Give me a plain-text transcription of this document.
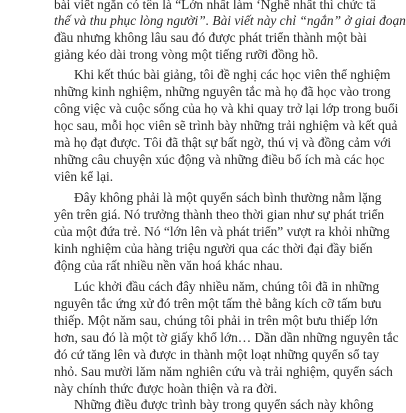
bài viết ngắn có tên là “Lớn nhất làm ‘Nghề nhất thì chức tâ
thế và thu phục lòng người”. Bài viết này chỉ “ngắn” ở giai đoạn
đầu nhưng không lâu sau đó được phát triển thành một bài
giảng kéo dài trong vòng một tiếng rưỡi đồng hồ.
Khi kết thúc bài giảng, tôi đề nghị các học viên thể nghiệm
những kinh nghiệm, những nguyên tắc mà họ đã học vào trong
công việc và cuộc sống của họ và khi quay trở lại lớp trong buổi
học sau, mỗi học viên sẽ trình bày những trải nghiệm và kết quả
mà họ đạt được. Tôi đã thật sự bất ngờ, thú vị và đồng cảm với
những câu chuyện xúc động và những điều bổ ích mà các học
viên kể lại.
Đây không phải là một quyển sách bình thường nằm lặng
yên trên giá. Nó trưởng thành theo thời gian như sự phát triển
của một đứa trẻ. Nó “lớn lên và phát triển” vượt ra khỏi những
kinh nghiệm của hàng triệu người qua các thời đại đầy biến
động của rất nhiều nền văn hoá khác nhau.
Lúc khởi đầu cách đây nhiều năm, chúng tôi đã in những
nguyên tắc ứng xử đó trên một tấm thẻ bằng kích cỡ tấm bưu
thiếp. Một năm sau, chúng tôi phải in trên một bưu thiếp lớn
hơn, sau đó là một tờ giấy khổ lớn… Dần dần những nguyên tắc
đó cứ tăng lên và được in thành một loạt những quyển sổ tay
nhỏ. Sau mười lăm năm nghiên cứu và trải nghiệm, quyển sách
này chính thức được hoàn thiện và ra đời.
Những điều được trình bày trong quyển sách này không
